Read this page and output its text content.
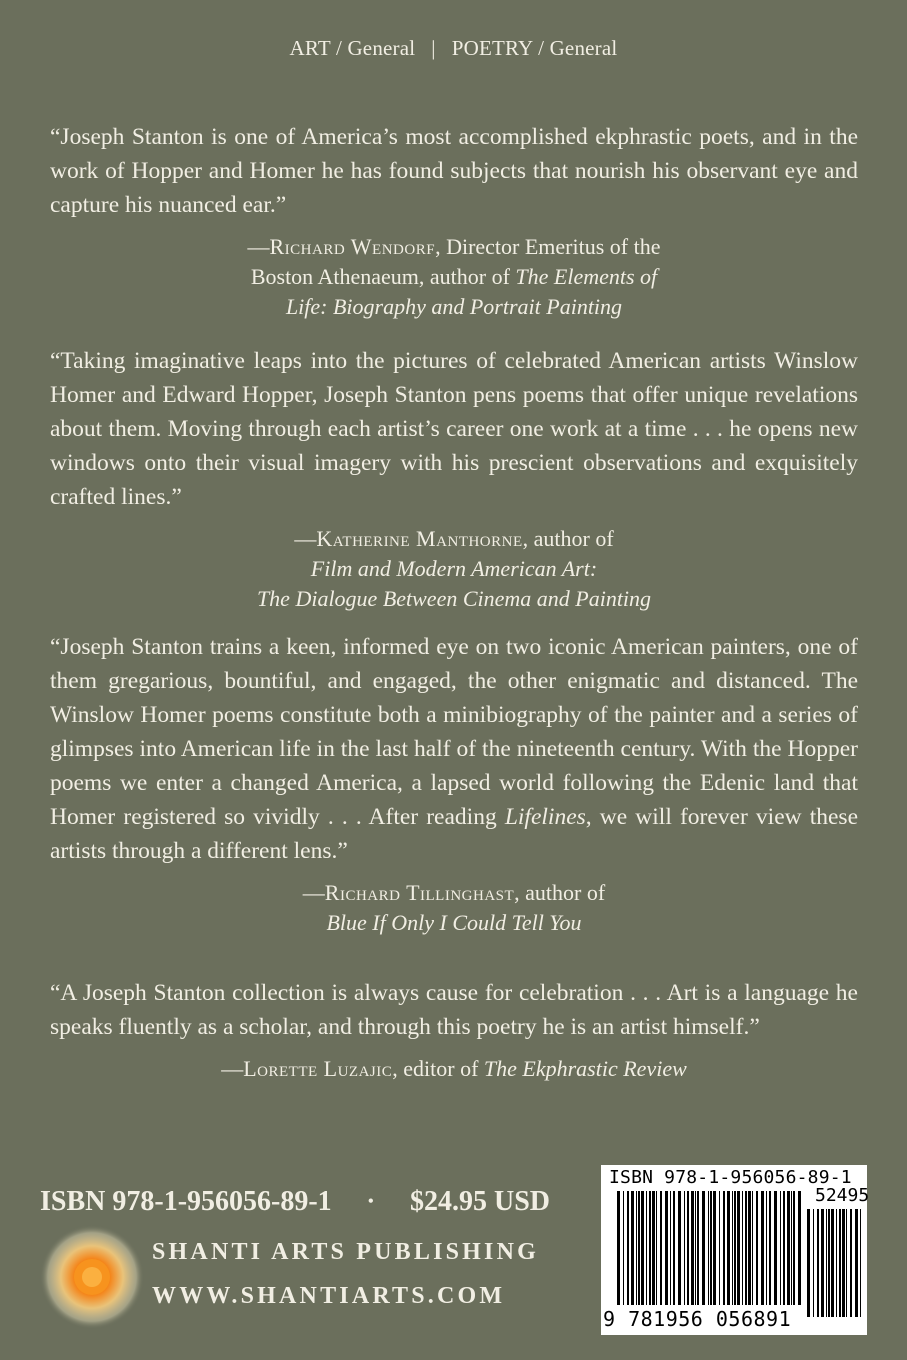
ART / General | POETRY / General

“Joseph Stanton is one of America’s most accomplished ekphrastic poets, and in the work of Hopper and Homer he has found subjects that nourish his observant eye and capture his nuanced ear.”

—Richard Wendorf, Director Emeritus of the
Boston Athenaeum, author of The Elements of
Life: Biography and Portrait Painting

“Taking imaginative leaps into the pictures of celebrated American artists Winslow Homer and Edward Hopper, Joseph Stanton pens poems that offer unique revelations about them. Moving through each artist’s career one work at a time . . . he opens new windows onto their visual imagery with his prescient observations and exquisitely crafted lines.”

—Katherine Manthorne, author of
Film and Modern American Art:
The Dialogue Between Cinema and Painting

“Joseph Stanton trains a keen, informed eye on two iconic American painters, one of them gregarious, bountiful, and engaged, the other enigmatic and distanced. The Winslow Homer poems constitute both a minibiography of the painter and a series of glimpses into American life in the last half of the nineteenth century. With the Hopper poems we enter a changed America, a lapsed world following the Edenic land that Homer registered so vividly . . . After reading Lifelines, we will forever view these artists through a different lens.”

—Richard Tillinghast, author of
Blue If Only I Could Tell You

“A Joseph Stanton collection is always cause for celebration . . . Art is a language he speaks fluently as a scholar, and through this poetry he is an artist himself.”

—Lorette Luzajic, editor of The Ekphrastic Review
ISBN 978-1-956056-89-1 • $24.95 USD
SHANTI ARTS PUBLISHING
WWW.SHANTIARTS.COM
ISBN 978-1-956056-89-1
52495
9 781956 056891
